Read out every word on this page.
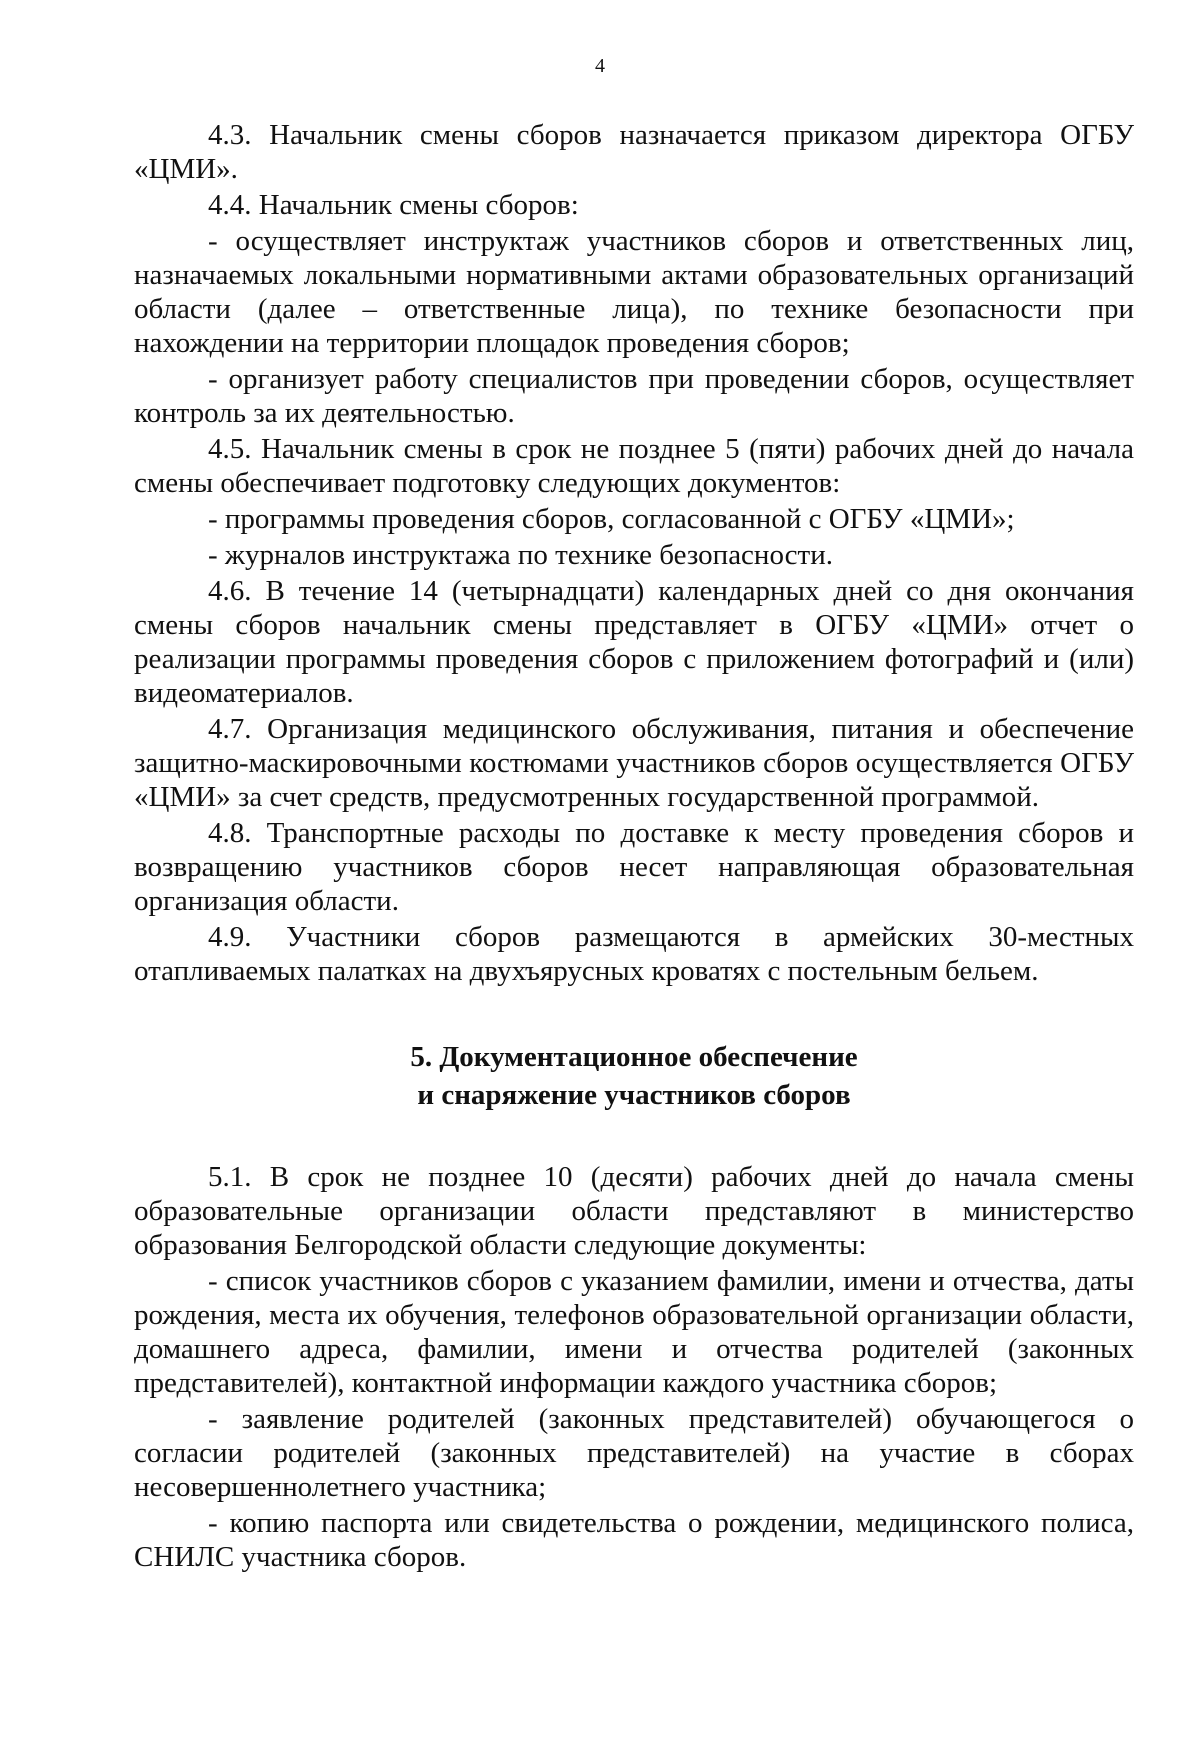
4

4.3. Начальник смены сборов назначается приказом директора ОГБУ «ЦМИ».

4.4. Начальник смены сборов:

- осуществляет инструктаж участников сборов и ответственных лиц, назначаемых локальными нормативными актами образовательных организаций области (далее – ответственные лица), по технике безопасности при нахождении на территории площадок проведения сборов;

- организует работу специалистов при проведении сборов, осуществляет контроль за их деятельностью.

4.5. Начальник смены в срок не позднее 5 (пяти) рабочих дней до начала смены обеспечивает подготовку следующих документов:

- программы проведения сборов, согласованной с ОГБУ «ЦМИ»;

- журналов инструктажа по технике безопасности.

4.6. В течение 14 (четырнадцати) календарных дней со дня окончания смены сборов начальник смены представляет в ОГБУ «ЦМИ» отчет о реализации программы проведения сборов с приложением фотографий и (или) видеоматериалов.

4.7. Организация медицинского обслуживания, питания и обеспечение защитно-маскировочными костюмами участников сборов осуществляется ОГБУ «ЦМИ» за счет средств, предусмотренных государственной программой.

4.8. Транспортные расходы по доставке к месту проведения сборов и возвращению участников сборов несет направляющая образовательная организация области.

4.9. Участники сборов размещаются в армейских 30-местных отапливаемых палатках на двухъярусных кроватях с постельным бельем.

5. Документационное обеспечение
и снаряжение участников сборов

5.1. В срок не позднее 10 (десяти) рабочих дней до начала смены образовательные организации области представляют в министерство образования Белгородской области следующие документы:

- список участников сборов с указанием фамилии, имени и отчества, даты рождения, места их обучения, телефонов образовательной организации области, домашнего адреса, фамилии, имени и отчества родителей (законных представителей), контактной информации каждого участника сборов;

- заявление родителей (законных представителей) обучающегося о согласии родителей (законных представителей) на участие в сборах несовершеннолетнего участника;

- копию паспорта или свидетельства о рождении, медицинского полиса, СНИЛС участника сборов.
